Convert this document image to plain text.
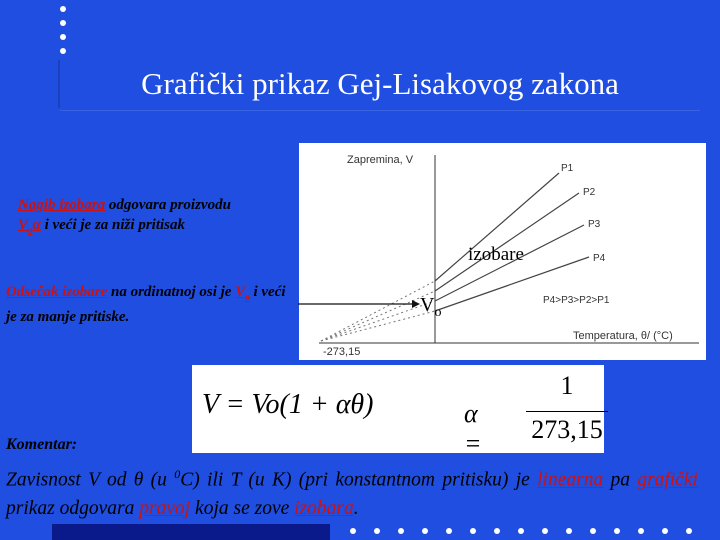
Grafički prikaz Gej-Lisakovog zakona
Nagib izobara odgovara proizvodu $V_o\alpha$ i veći je za niži pritisak
Odsečak izobare na ordinatnoj osi je $V_o$ i veći je za manje pritiske.
Zapremina, V
P1
P2
P3
P4
P4>P3>P2>P1
-273,15
Temperatura, θ/ (°C)
izobare
$V_o$
V = Vo(1 + αθ)	α =
1
273,15
Komentar:
Zavisnost V od θ (u $^0$C) ili T (u K) (pri konstantnom pritisku) je linearna pa grafički prikaz odgovara pravoj koja se zove izobara.
